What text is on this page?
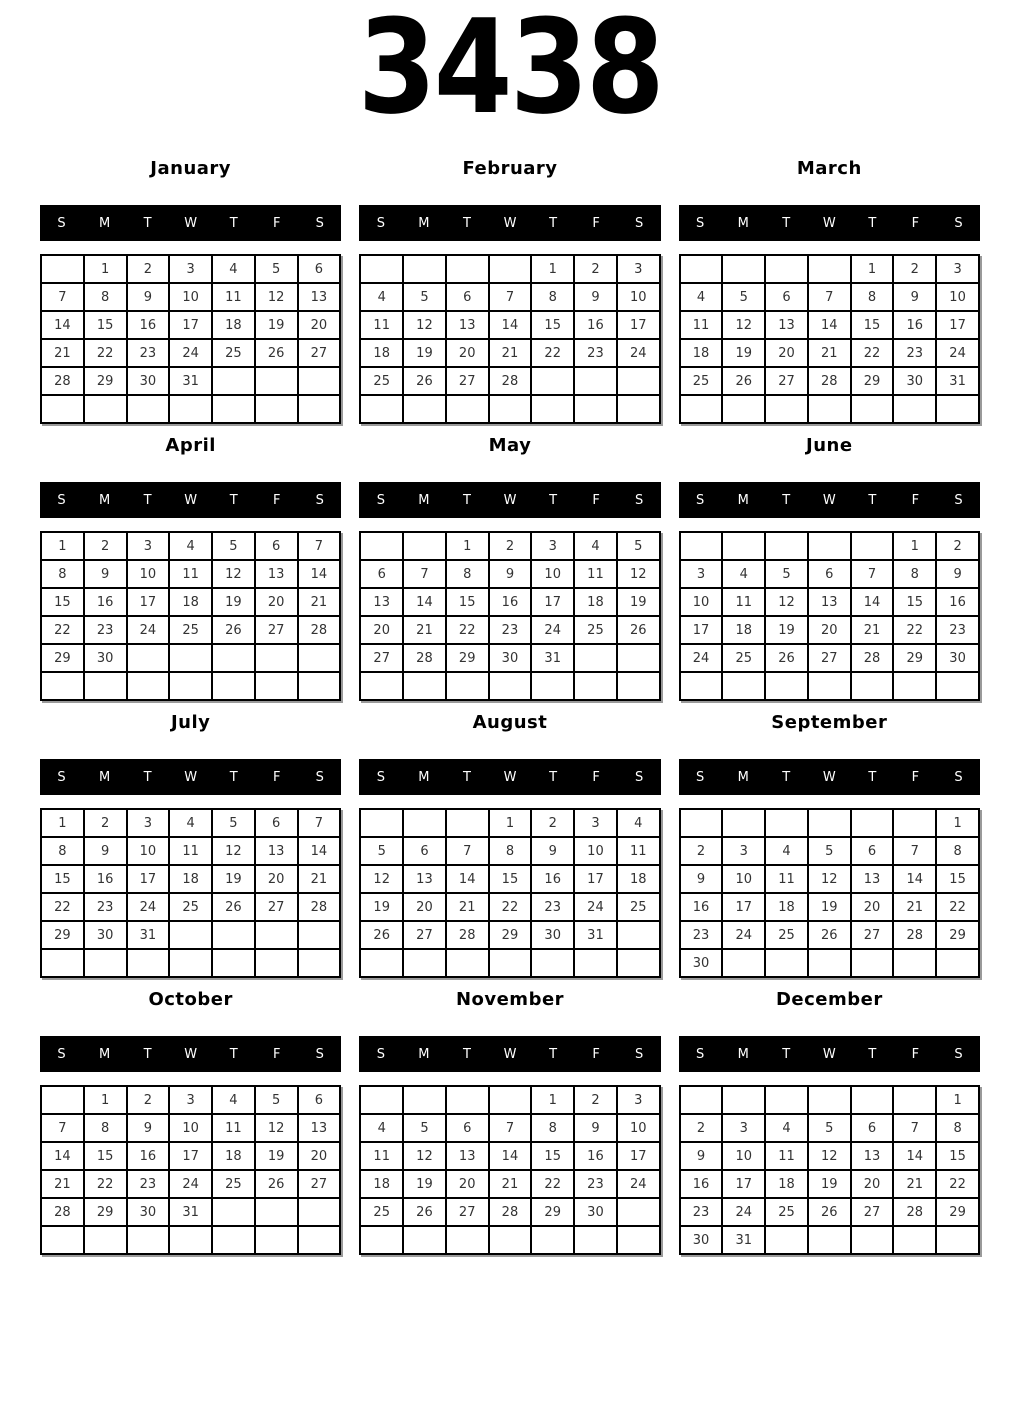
3438
January
S	M	T	W	T	F	S
	1	2	3	4	5	6
7	8	9	10	11	12	13
14	15	16	17	18	19	20
21	22	23	24	25	26	27
28	29	30	31			

February
S	M	T	W	T	F	S
				1	2	3
4	5	6	7	8	9	10
11	12	13	14	15	16	17
18	19	20	21	22	23	24
25	26	27	28			

March
S	M	T	W	T	F	S
				1	2	3
4	5	6	7	8	9	10
11	12	13	14	15	16	17
18	19	20	21	22	23	24
25	26	27	28	29	30	31

April
S	M	T	W	T	F	S
1	2	3	4	5	6	7
8	9	10	11	12	13	14
15	16	17	18	19	20	21
22	23	24	25	26	27	28
29	30					

May
S	M	T	W	T	F	S
		1	2	3	4	5
6	7	8	9	10	11	12
13	14	15	16	17	18	19
20	21	22	23	24	25	26
27	28	29	30	31		

June
S	M	T	W	T	F	S
					1	2
3	4	5	6	7	8	9
10	11	12	13	14	15	16
17	18	19	20	21	22	23
24	25	26	27	28	29	30

July
S	M	T	W	T	F	S
1	2	3	4	5	6	7
8	9	10	11	12	13	14
15	16	17	18	19	20	21
22	23	24	25	26	27	28
29	30	31				

August
S	M	T	W	T	F	S
			1	2	3	4
5	6	7	8	9	10	11
12	13	14	15	16	17	18
19	20	21	22	23	24	25
26	27	28	29	30	31	

September
S	M	T	W	T	F	S
						1
2	3	4	5	6	7	8
9	10	11	12	13	14	15
16	17	18	19	20	21	22
23	24	25	26	27	28	29
30						
October
S	M	T	W	T	F	S
	1	2	3	4	5	6
7	8	9	10	11	12	13
14	15	16	17	18	19	20
21	22	23	24	25	26	27
28	29	30	31			

November
S	M	T	W	T	F	S
				1	2	3
4	5	6	7	8	9	10
11	12	13	14	15	16	17
18	19	20	21	22	23	24
25	26	27	28	29	30	

December
S	M	T	W	T	F	S
						1
2	3	4	5	6	7	8
9	10	11	12	13	14	15
16	17	18	19	20	21	22
23	24	25	26	27	28	29
30	31					
